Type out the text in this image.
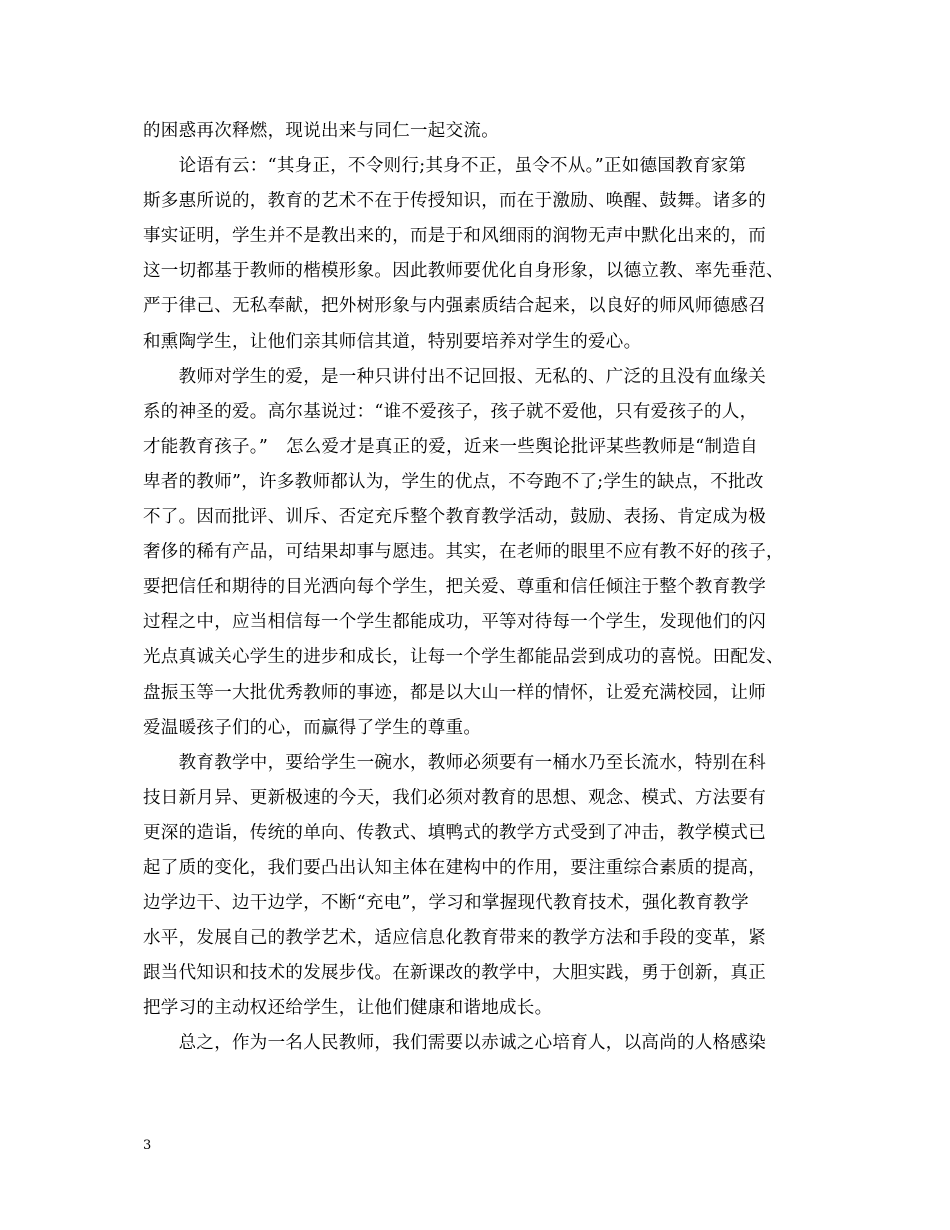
的困惑再次释燃，现说出来与同仁一起交流。
　　论语有云：“其身正，不令则行;其身不正，虽令不从。”正如德国教育家第
斯多惠所说的，教育的艺术不在于传授知识，而在于激励、唤醒、鼓舞。诸多的
事实证明，学生并不是教出来的，而是于和风细雨的润物无声中默化出来的，而
这一切都基于教师的楷模形象。因此教师要优化自身形象，以德立教、率先垂范、
严于律己、无私奉献，把外树形象与内强素质结合起来，以良好的师风师德感召
和熏陶学生，让他们亲其师信其道，特别要培养对学生的爱心。
　　教师对学生的爱，是一种只讲付出不记回报、无私的、广泛的且没有血缘关
系的神圣的爱。高尔基说过：“谁不爱孩子，孩子就不爱他，只有爱孩子的人，
才能教育孩子。”　怎么爱才是真正的爱，近来一些舆论批评某些教师是“制造自
卑者的教师”，许多教师都认为，学生的优点，不夸跑不了;学生的缺点，不批改
不了。因而批评、训斥、否定充斥整个教育教学活动，鼓励、表扬、肯定成为极
奢侈的稀有产品，可结果却事与愿违。其实，在老师的眼里不应有教不好的孩子，
要把信任和期待的目光洒向每个学生，把关爱、尊重和信任倾注于整个教育教学
过程之中，应当相信每一个学生都能成功，平等对待每一个学生，发现他们的闪
光点真诚关心学生的进步和成长，让每一个学生都能品尝到成功的喜悦。田配发、
盘振玉等一大批优秀教师的事迹，都是以大山一样的情怀，让爱充满校园，让师
爱温暖孩子们的心，而赢得了学生的尊重。
　　教育教学中，要给学生一碗水，教师必须要有一桶水乃至长流水，特别在科
技日新月异、更新极速的今天，我们必须对教育的思想、观念、模式、方法要有
更深的造诣，传统的单向、传教式、填鸭式的教学方式受到了冲击，教学模式已
起了质的变化，我们要凸出认知主体在建构中的作用，要注重综合素质的提高，
边学边干、边干边学，不断“充电”，学习和掌握现代教育技术，强化教育教学
水平，发展自己的教学艺术，适应信息化教育带来的教学方法和手段的变革，紧
跟当代知识和技术的发展步伐。在新课改的教学中，大胆实践，勇于创新，真正
把学习的主动权还给学生，让他们健康和谐地成长。
　　总之，作为一名人民教师，我们需要以赤诚之心培育人，以高尚的人格感染
3
